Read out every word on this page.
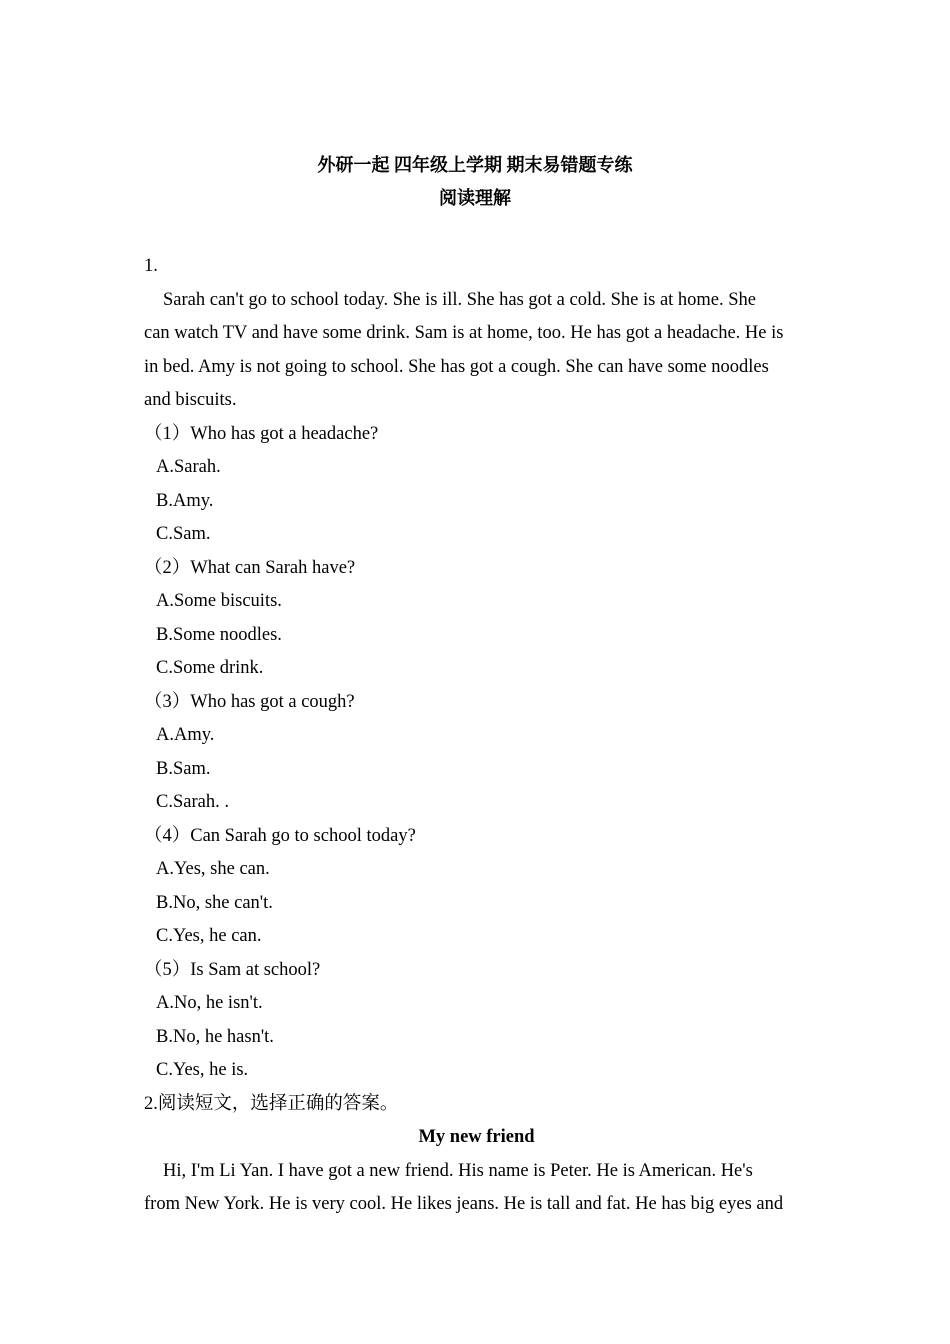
外研一起 四年级上学期 期末易错题专练
阅读理解
1.
Sarah can't go to school today. She is ill. She has got a cold. She is at home. She
can watch TV and have some drink. Sam is at home, too. He has got a headache. He is
in bed. Amy is not going to school. She has got a cough. She can have some noodles
and biscuits.
（1）Who has got a headache?
A.Sarah.
B.Amy.
C.Sam.
（2）What can Sarah have?
A.Some biscuits.
B.Some noodles.
C.Some drink.
（3）Who has got a cough?
A.Amy.
B.Sam.
C.Sarah. .
（4）Can Sarah go to school today?
A.Yes, she can.
B.No, she can't.
C.Yes, he can.
（5）Is Sam at school?
A.No, he isn't.
B.No, he hasn't.
C.Yes, he is.
2.阅读短文，选择正确的答案。
My new friend
Hi, I'm Li Yan. I have got a new friend. His name is Peter. He is American. He's
from New York. He is very cool. He likes jeans. He is tall and fat. He has big eyes and
